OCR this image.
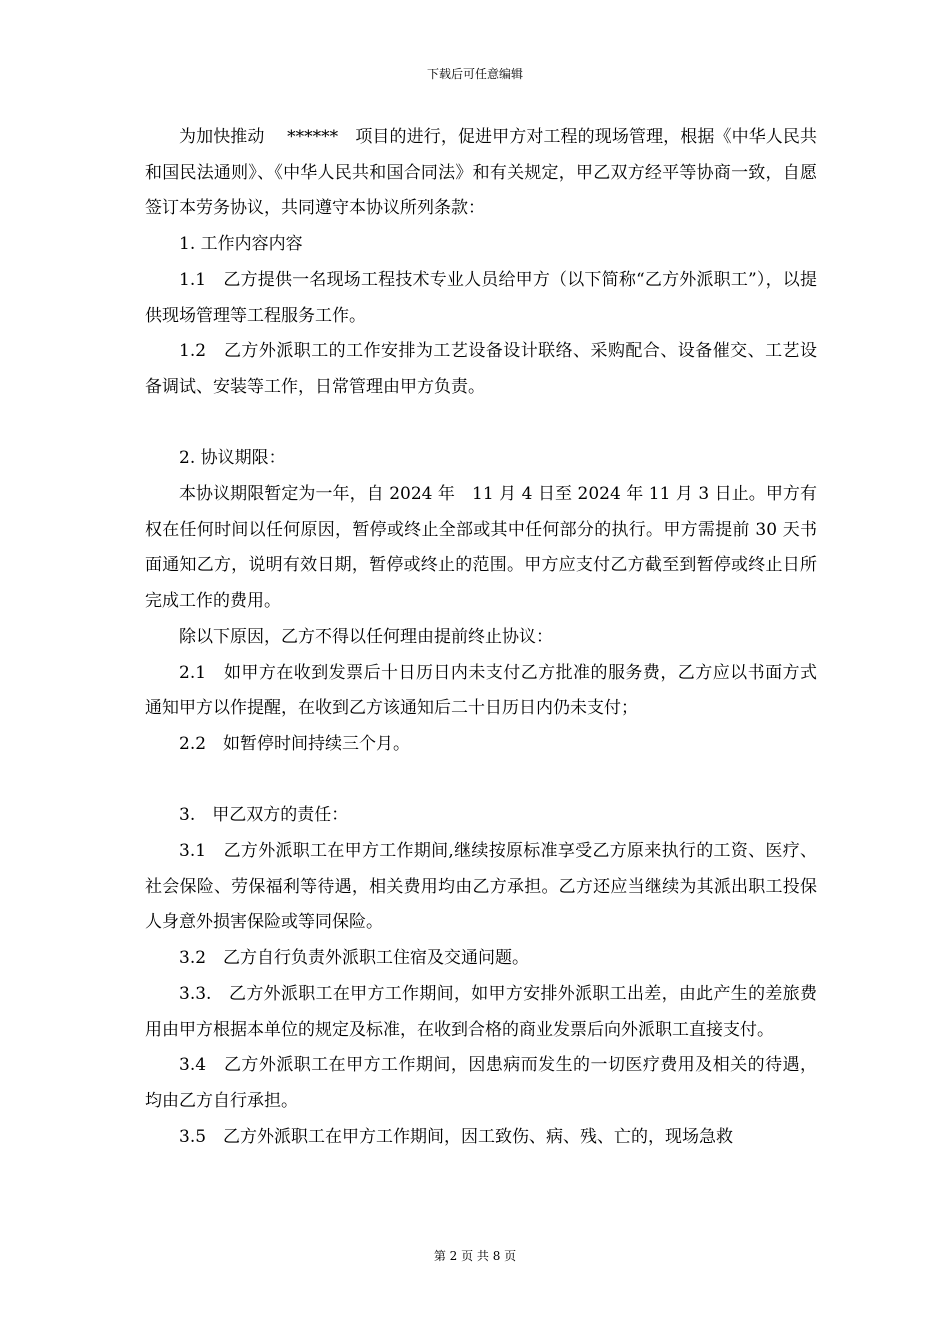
下载后可任意编辑

为加快推动　 ******　项目的进行，促进甲方对工程的现场管理，根据《中华人民共和国民法通则》、《中华人民共和国合同法》和有关规定，甲乙双方经平等协商一致，自愿签订本劳务协议，共同遵守本协议所列条款：

1. 工作内容内容

1.1　乙方提供一名现场工程技术专业人员给甲方（以下简称“乙方外派职工”），以提供现场管理等工程服务工作。

1.2　乙方外派职工的工作安排为工艺设备设计联络、采购配合、设备催交、工艺设备调试、安装等工作，日常管理由甲方负责。

2. 协议期限：

本协议期限暂定为一年，自 2024 年　11 月 4 日至 2024 年 11 月 3 日止。甲方有权在任何时间以任何原因，暂停或终止全部或其中任何部分的执行。甲方需提前 30 天书面通知乙方，说明有效日期，暂停或终止的范围。甲方应支付乙方截至到暂停或终止日所完成工作的费用。

除以下原因，乙方不得以任何理由提前终止协议：

2.1　如甲方在收到发票后十日历日内未支付乙方批准的服务费，乙方应以书面方式通知甲方以作提醒，在收到乙方该通知后二十日历日内仍未支付；

2.2　如暂停时间持续三个月。

3.　甲乙双方的责任：

3.1　乙方外派职工在甲方工作期间,继续按原标准享受乙方原来执行的工资、医疗、社会保险、劳保福利等待遇，相关费用均由乙方承担。乙方还应当继续为其派出职工投保人身意外损害保险或等同保险。

3.2　乙方自行负责外派职工住宿及交通问题。

3.3.　乙方外派职工在甲方工作期间，如甲方安排外派职工出差，由此产生的差旅费用由甲方根据本单位的规定及标准，在收到合格的商业发票后向外派职工直接支付。

3.4　乙方外派职工在甲方工作期间，因患病而发生的一切医疗费用及相关的待遇，均由乙方自行承担。

3.5　乙方外派职工在甲方工作期间，因工致伤、病、残、亡的，现场急救

第 2 页 共 8 页
